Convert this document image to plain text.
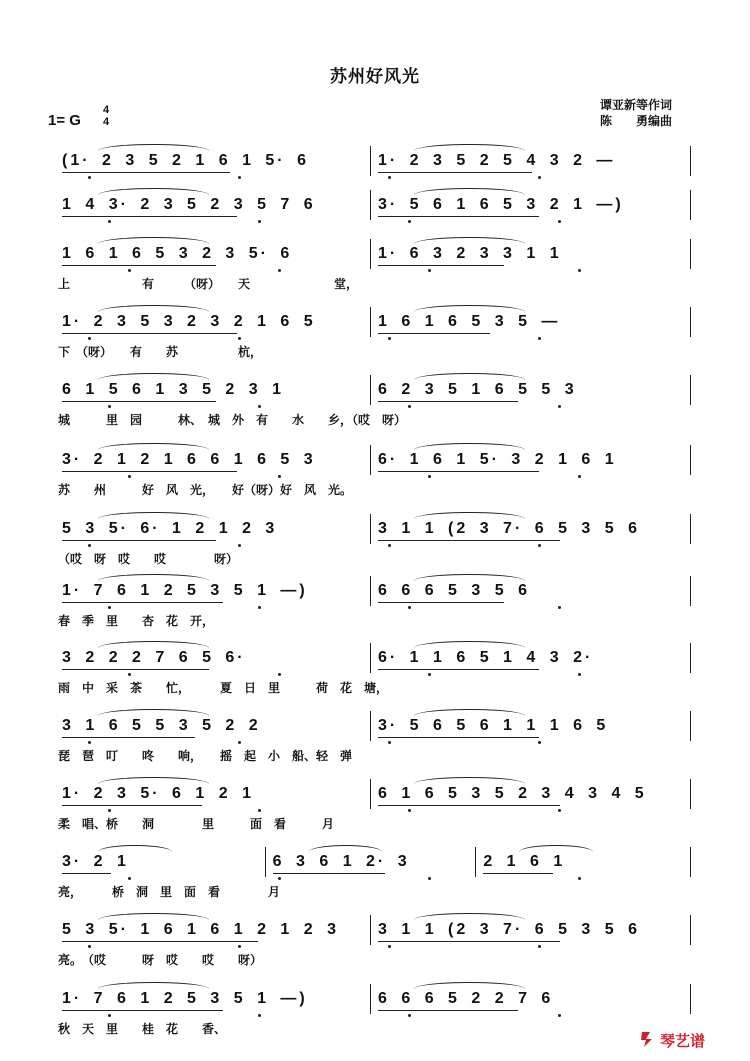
苏州好风光
1= G
4
4
谭亚新等作词
陈　　勇编曲
(1· 2 3 5 2 1 6 1 5· 6	1· 2 3 5 2 5 4 3 2 —
1 4 3· 2 3 5 2 3 5 7 6	3· 5 6 1 6 5 3 2 1 —)
1 6 1 6 5 3 2 3 5· 6	1· 6 3 2 3 3 1 1
上　　　　　　有　　　（呀）　　天　　　　　　　堂，
1· 2 3 5 3 2 3 2 1 6 5	1 6 1 6 5 3 5 —
下　（呀）　　有　　苏　　　　　杭，
6 1 5 6 1 3 5 2 3 1	6 2 3 5 1 6 5 5 3
城　　　里　园　　　林、　城　外　有　　水　　乡，（哎　呀）
3· 2 1 2 1 6 6 1 6 5 3	6· 1 6 1 5· 3 2 1 6 1
苏　　州　　　好　风　光，　　好（呀）好　风　光。
5 3 5· 6· 1 2 1 2 3	3 1 1 (2 3 7· 6 5 3 5 6
（哎　呀　哎　　哎　　　　呀）
1· 7 6 1 2 5 3 5 1 —)	6 6 6 5 3 5 6
春　季　里　　杏　花　开，
3 2 2 2 7 6 5 6·	6· 1 1 6 5 1 4 3 2·
雨　中　采　茶　　忙，　　　夏　日　里　　　荷　花　塘，
3 1 6 5 5 3 5 2 2	3· 5 6 5 6 1 1 1 6 5
琵　琶　叮　　咚　　响，　　摇　起　小　船、轻　弹
1· 2 3 5· 6 1 2 1	6 1 6 5 3 5 2 3 4 3 4 5
柔　唱、桥　　洞　　　　里　　　面　看　　　月
3· 2 1	6 3 6 1 2· 3	2 1 6 1
亮，　　　桥　洞　里　面　看　　　　月
5 3 5· 1 6 1 6 1 2 1 2 3	3 1 1 (2 3 7· 6 5 3 5 6
亮。　（哎　　　呀　哎　　哎　　呀）
1· 7 6 1 2 5 3 5 1 —)	6 6 6 5 2 2 7 6
秋　天　里　　桂　花　　香、
琴艺谱
